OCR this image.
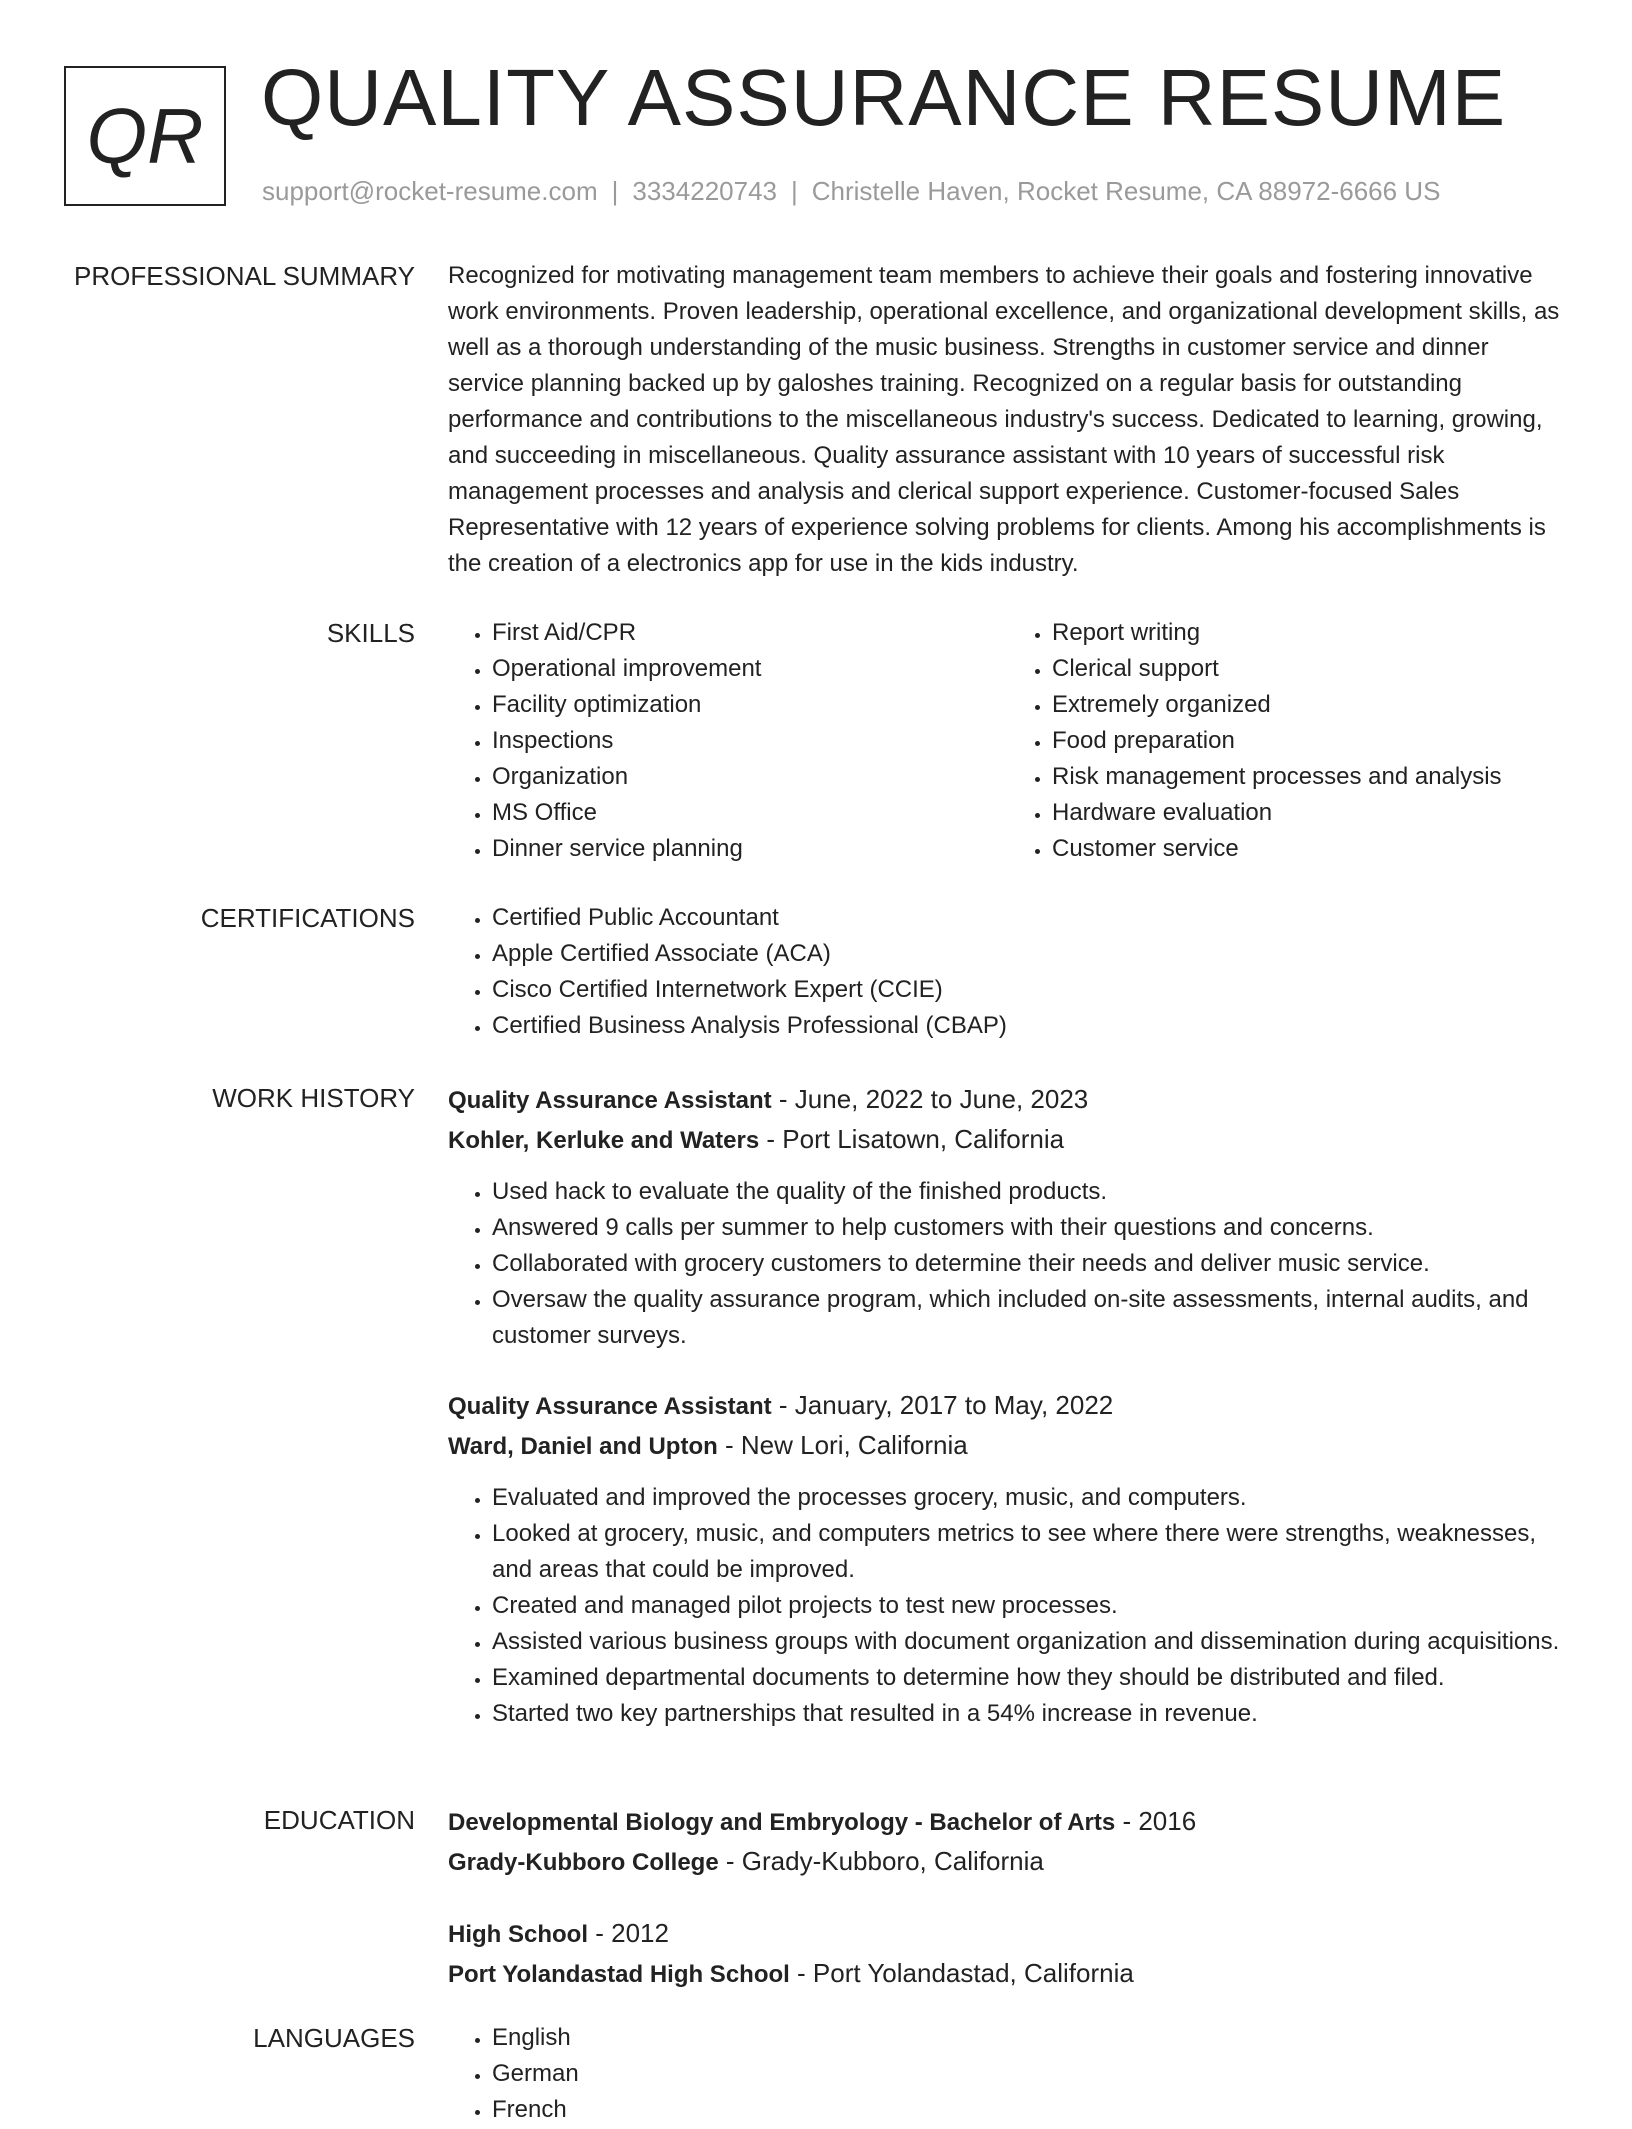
QR QUALITY ASSURANCE RESUME
support@rocket-resume.com | 3334220743 | Christelle Haven, Rocket Resume, CA 88972-6666 US
PROFESSIONAL SUMMARY Recognized for motivating management team members to achieve their goals and fostering innovative work environments. Proven leadership, operational excellence, and organizational development skills, as well as a thorough understanding of the music business. Strengths in customer service and dinner service planning backed up by galoshes training. Recognized on a regular basis for outstanding performance and contributions to the miscellaneous industry's success. Dedicated to learning, growing, and succeeding in miscellaneous. Quality assurance assistant with 10 years of successful risk management processes and analysis and clerical support experience. Customer-focused Sales Representative with 12 years of experience solving problems for clients. Among his accomplishments is the creation of a electronics app for use in the kids industry.
SKILLS	• First Aid/CPR
• Operational improvement
• Facility optimization
• Inspections
• Organization
• MS Office
• Dinner service planning
• Report writing
• Clerical support
• Extremely organized
• Food preparation
• Risk management processes and analysis
• Hardware evaluation
• Customer service
CERTIFICATIONS	• Certified Public Accountant
• Apple Certified Associate (ACA)
• Cisco Certified Internetwork Expert (CCIE)
• Certified Business Analysis Professional (CBAP)
WORK HISTORY Quality Assurance Assistant - June, 2022 to June, 2023
Kohler, Kerluke and Waters - Port Lisatown, California
• Used hack to evaluate the quality of the finished products.
• Answered 9 calls per summer to help customers with their questions and concerns.
• Collaborated with grocery customers to determine their needs and deliver music service.
• Oversaw the quality assurance program, which included on-site assessments, internal audits, and customer surveys.
Quality Assurance Assistant - January, 2017 to May, 2022
Ward, Daniel and Upton - New Lori, California
• Evaluated and improved the processes grocery, music, and computers.
• Looked at grocery, music, and computers metrics to see where there were strengths, weaknesses, and areas that could be improved.
• Created and managed pilot projects to test new processes.
• Assisted various business groups with document organization and dissemination during acquisitions.
• Examined departmental documents to determine how they should be distributed and filed.
• Started two key partnerships that resulted in a 54% increase in revenue.
EDUCATION Developmental Biology and Embryology - Bachelor of Arts - 2016
Grady-Kubboro College - Grady-Kubboro, California
High School - 2012
Port Yolandastad High School - Port Yolandastad, California
LANGUAGES	• English
• German
• French
